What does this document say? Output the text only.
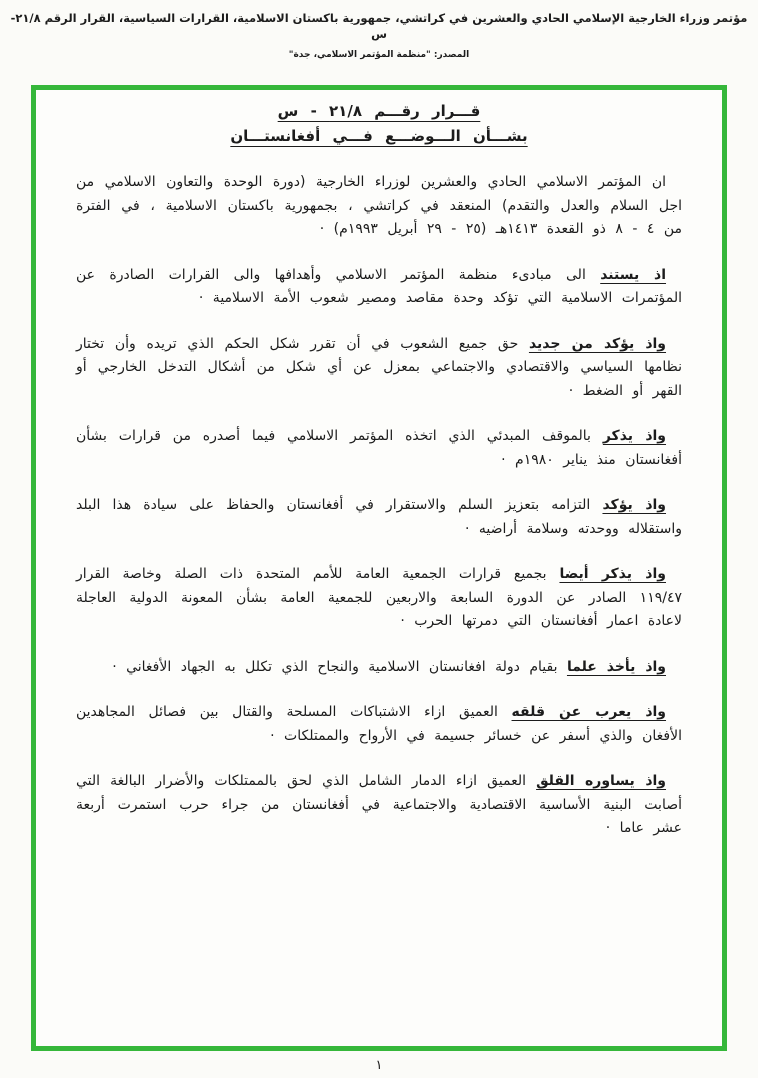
مؤتمر وزراء الخارجية الإسلامي الحادي والعشرين في كراتشي، جمهورية باكستان الاسلامية، القرارات السياسية، القرار الرقم ٢١/٨-س
المصدر: "منظمة المؤتمر الاسلامي، جدة"
قـــرار رقـــم ٢١/٨ - س
بشـــأن الـــوضـــع فـــي أفغانستـــان

ان المؤتمر الاسلامي الحادي والعشرين لوزراء الخارجية (دورة الوحدة والتعاون الاسلامي من اجل السلام والعدل والتقدم) المنعقد في كراتشي ، بجمهورية باكستان الاسلامية ، في الفترة من ٤ - ٨ ذو القعدة ١٤١٣هـ (٢٥ - ٢٩ أبريل ١٩٩٣م) ·

اذ يستند الى مبادىء منظمة المؤتمر الاسلامي وأهدافها والى القرارات الصادرة عن المؤتمرات الاسلامية التي تؤكد وحدة مقاصد ومصير شعوب الأمة الاسلامية ·

واذ يؤكد من جديد حق جميع الشعوب في أن تقرر شكل الحكم الذي تريده وأن تختار نظامها السياسي والاقتصادي والاجتماعي بمعزل عن أي شكل من أشكال التدخل الخارجي أو القهر أو الضغط ·

واذ يذكر بالموقف المبدئي الذي اتخذه المؤتمر الاسلامي فيما أصدره من قرارات بشأن أفغانستان منذ يناير ١٩٨٠م ·

واذ يؤكد التزامه بتعزيز السلم والاستقرار في أفغانستان والحفاظ على سيادة هذا البلد واستقلاله ووحدته وسلامة أراضيه ·

واذ يذكر أيضا بجميع قرارات الجمعية العامة للأمم المتحدة ذات الصلة وخاصة القرار ١١٩/٤٧ الصادر عن الدورة السابعة والاربعين للجمعية العامة بشأن المعونة الدولية العاجلة لاعادة اعمار أفغانستان التي دمرتها الحرب ·

واذ يأخذ علما بقيام دولة افغانستان الاسلامية والنجاح الذي تكلل به الجهاد الأفغاني ·

واذ يعرب عن قلقه العميق ازاء الاشتباكات المسلحة والقتال بين فصائل المجاهدين الأفغان والذي أسفر عن خسائر جسيمة في الأرواح والممتلكات ·

واذ يساوره القلق العميق ازاء الدمار الشامل الذي لحق بالممتلكات والأضرار البالغة التي أصابت البنية الأساسية الاقتصادية والاجتماعية في أفغانستان من جراء حرب استمرت أربعة عشر عاما ·

١
